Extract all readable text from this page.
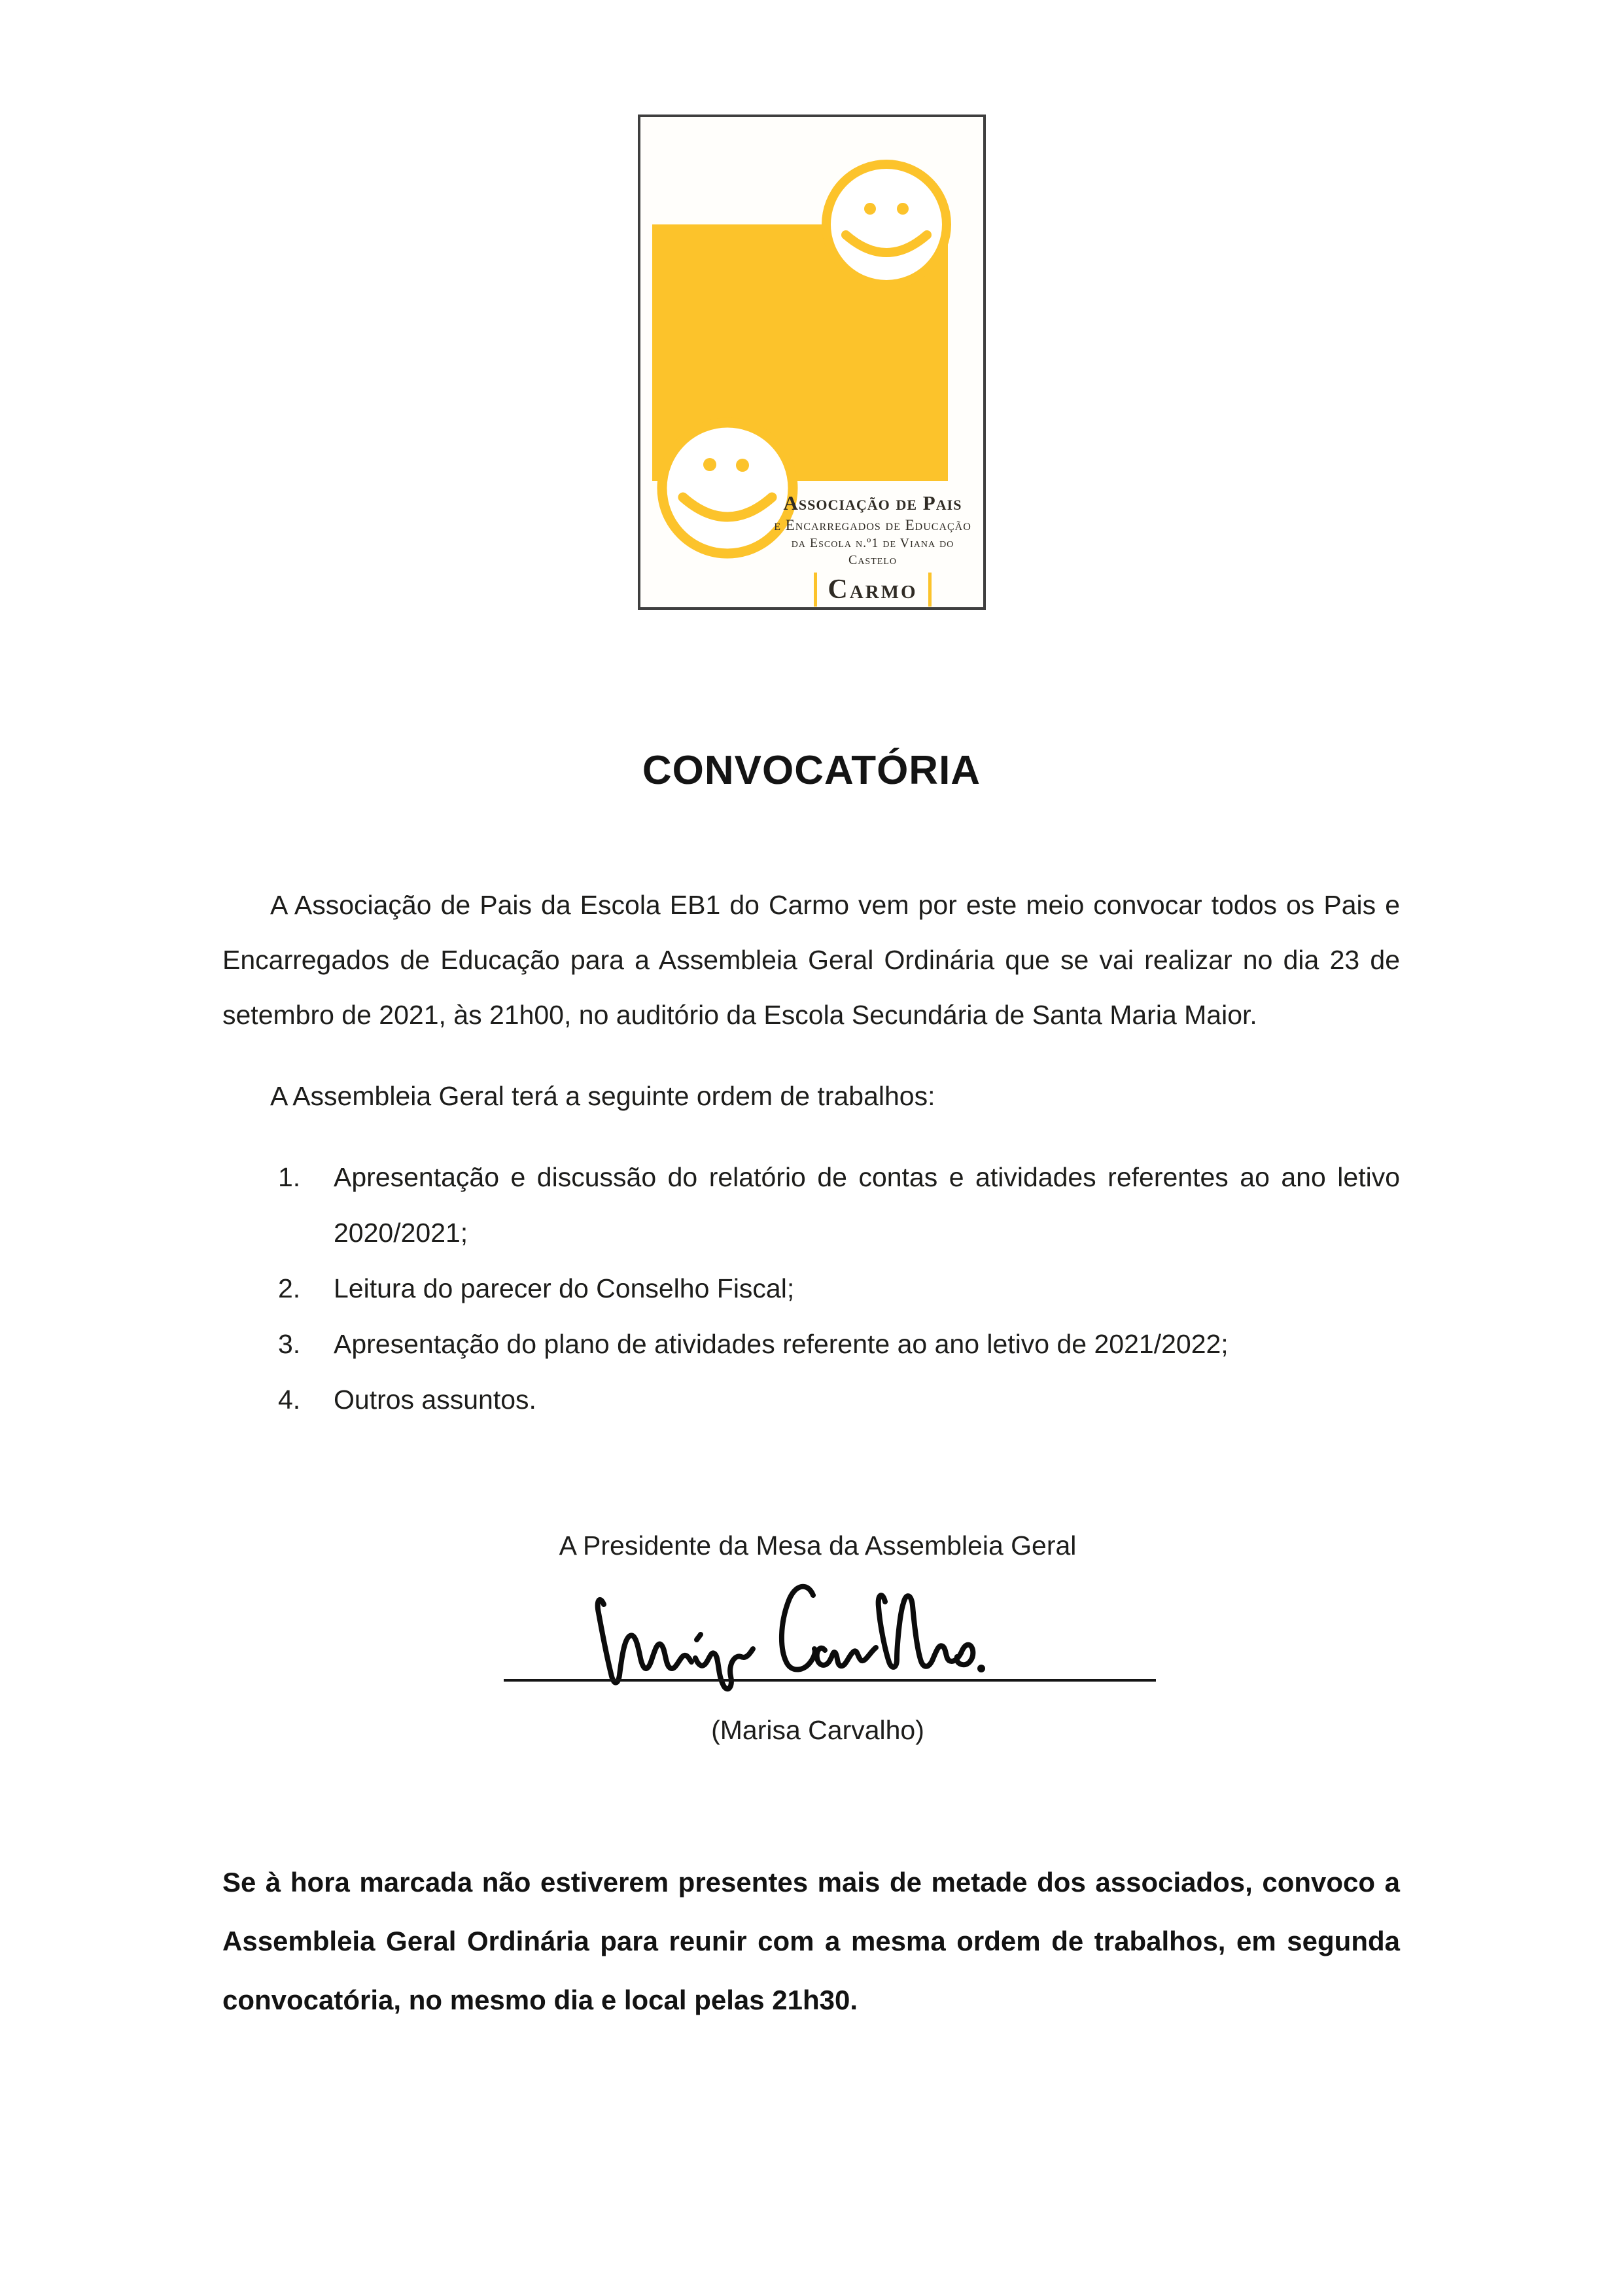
Associação de Pais
e Encarregados de Educação
da Escola n.º1 de Viana do Castelo
Carmo
CONVOCATÓRIA
A Associação de Pais da Escola EB1 do Carmo vem por este meio convocar todos os Pais e Encarregados de Educação para a Assembleia Geral Ordinária que se vai realizar no dia 23 de setembro de 2021, às 21h00, no auditório da Escola Secundária de Santa Maria Maior.
A Assembleia Geral terá a seguinte ordem de trabalhos:
1.	Apresentação e discussão do relatório de contas e atividades referentes ao ano letivo 2020/2021;
2.	Leitura do parecer do Conselho Fiscal;
3.	Apresentação do plano de atividades referente ao ano letivo de 2021/2022;
4.	Outros assuntos.
A Presidente da Mesa da Assembleia Geral
(Marisa Carvalho)
Se à hora marcada não estiverem presentes mais de metade dos associados, convoco a Assembleia Geral Ordinária para reunir com a mesma ordem de trabalhos, em segunda convocatória, no mesmo dia e local pelas 21h30.
